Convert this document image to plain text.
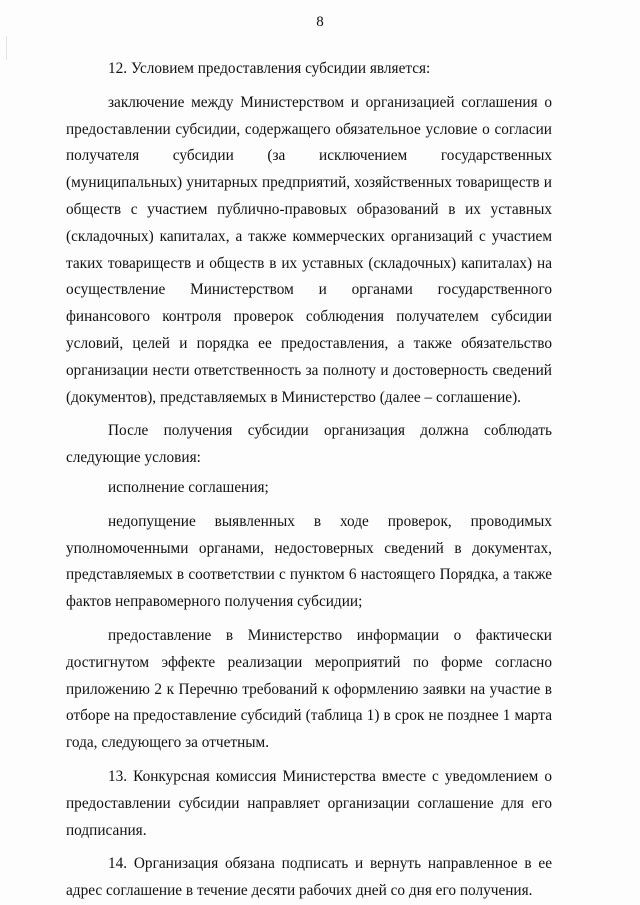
8

12. Условием предоставления субсидии является:

заключение между Министерством и организацией соглашения о предоставлении субсидии, содержащего обязательное условие о согласии получателя субсидии (за исключением государственных (муниципальных) унитарных предприятий, хозяйственных товариществ и обществ с участием публично-правовых образований в их уставных (складочных) капиталах, а также коммерческих организаций с участием таких товариществ и обществ в их уставных (складочных) капиталах) на осуществление Министерством и органами государственного финансового контроля проверок соблюдения получателем субсидии условий, целей и порядка ее предоставления, а также обязательство организации нести ответственность за полноту и достоверность сведений (документов), представляемых в Министерство (далее – соглашение).

После получения субсидии организация должна соблюдать следующие условия:

исполнение соглашения;

недопущение выявленных в ходе проверок, проводимых уполномоченными органами, недостоверных сведений в документах, представляемых в соответствии с пунктом 6 настоящего Порядка, а также фактов неправомерного получения субсидии;

предоставление в Министерство информации о фактически достигнутом эффекте реализации мероприятий по форме согласно приложению 2 к Перечню требований к оформлению заявки на участие в отборе на предоставление субсидий (таблица 1) в срок не позднее 1 марта года, следующего за отчетным.

13. Конкурсная комиссия Министерства вместе с уведомлением о предоставлении субсидии направляет организации соглашение для его подписания.

14. Организация обязана подписать и вернуть направленное в ее адрес соглашение в течение десяти рабочих дней со дня его получения.
